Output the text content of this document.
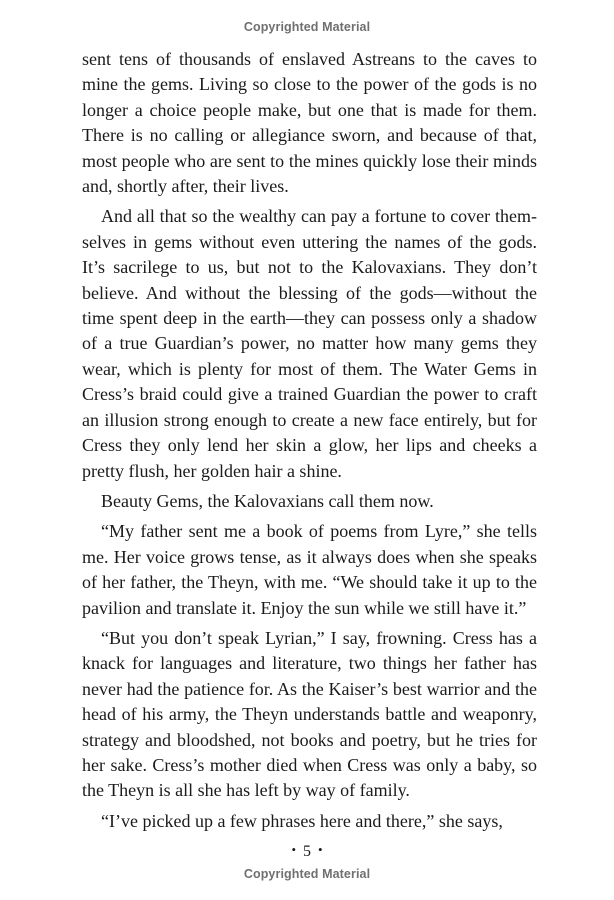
Copyrighted Material

sent tens of thousands of enslaved Astreans to the caves to mine the gems. Living so close to the power of the gods is no longer a choice people make, but one that is made for them. There is no calling or allegiance sworn, and because of that, most people who are sent to the mines quickly lose their minds and, shortly after, their lives.

And all that so the wealthy can pay a fortune to cover themselves in gems without even uttering the names of the gods. It’s sacrilege to us, but not to the Kalovaxians. They don’t believe. And without the blessing of the gods—without the time spent deep in the earth—they can possess only a shadow of a true Guardian’s power, no matter how many gems they wear, which is plenty for most of them. The Water Gems in Cress’s braid could give a trained Guardian the power to craft an illusion strong enough to create a new face entirely, but for Cress they only lend her skin a glow, her lips and cheeks a pretty flush, her golden hair a shine.

Beauty Gems, the Kalovaxians call them now.

“My father sent me a book of poems from Lyre,” she tells me. Her voice grows tense, as it always does when she speaks of her father, the Theyn, with me. “We should take it up to the pavilion and translate it. Enjoy the sun while we still have it.”

“But you don’t speak Lyrian,” I say, frowning. Cress has a knack for languages and literature, two things her father has never had the patience for. As the Kaiser’s best warrior and the head of his army, the Theyn understands battle and weaponry, strategy and bloodshed, not books and poetry, but he tries for her sake. Cress’s mother died when Cress was only a baby, so the Theyn is all she has left by way of family.

“I’ve picked up a few phrases here and there,” she says,

• 5 •
Copyrighted Material
